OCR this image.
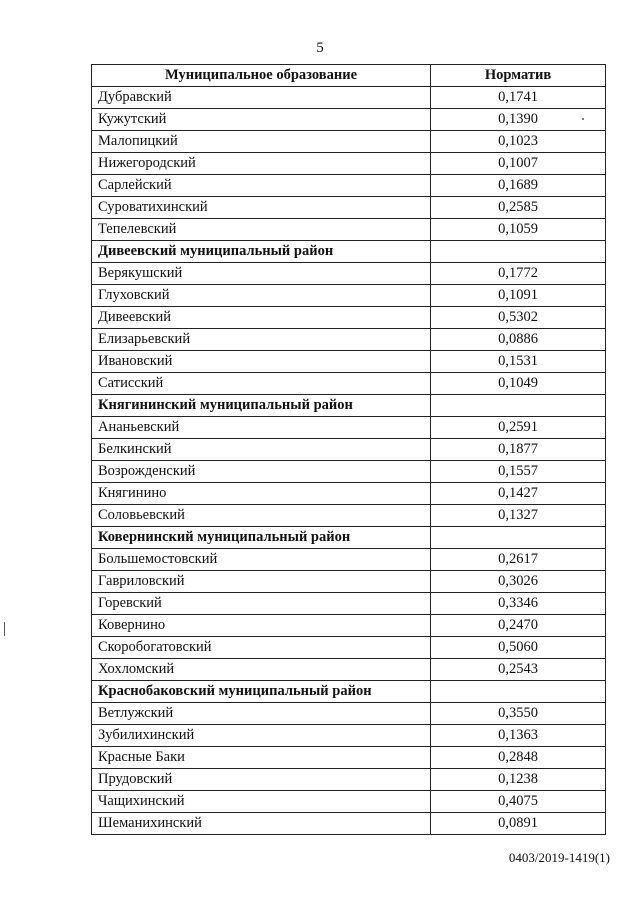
5
Муниципальное образование	Норматив
Дубравский	0,1741
Кужутский	0,1390
Малопицкий	0,1023
Нижегородский	0,1007
Сарлейский	0,1689
Суроватихинский	0,2585
Тепелевский	0,1059
Дивеевский муниципальный район	
Верякушский	0,1772
Глуховский	0,1091
Дивеевский	0,5302
Елизарьевский	0,0886
Ивановский	0,1531
Сатисский	0,1049
Княгининский муниципальный район	
Ананьевский	0,2591
Белкинский	0,1877
Возрожденский	0,1557
Княгинино	0,1427
Соловьевский	0,1327
Ковернинский муниципальный район	
Большемостовский	0,2617
Гавриловский	0,3026
Горевский	0,3346
Ковернино	0,2470
Скоробогатовский	0,5060
Хохломский	0,2543
Краснобаковский муниципальный район	
Ветлужский	0,3550
Зубилихинский	0,1363
Красные Баки	0,2848
Прудовский	0,1238
Чащихинский	0,4075
Шеманихинский	0,0891
0403/2019-1419(1)
